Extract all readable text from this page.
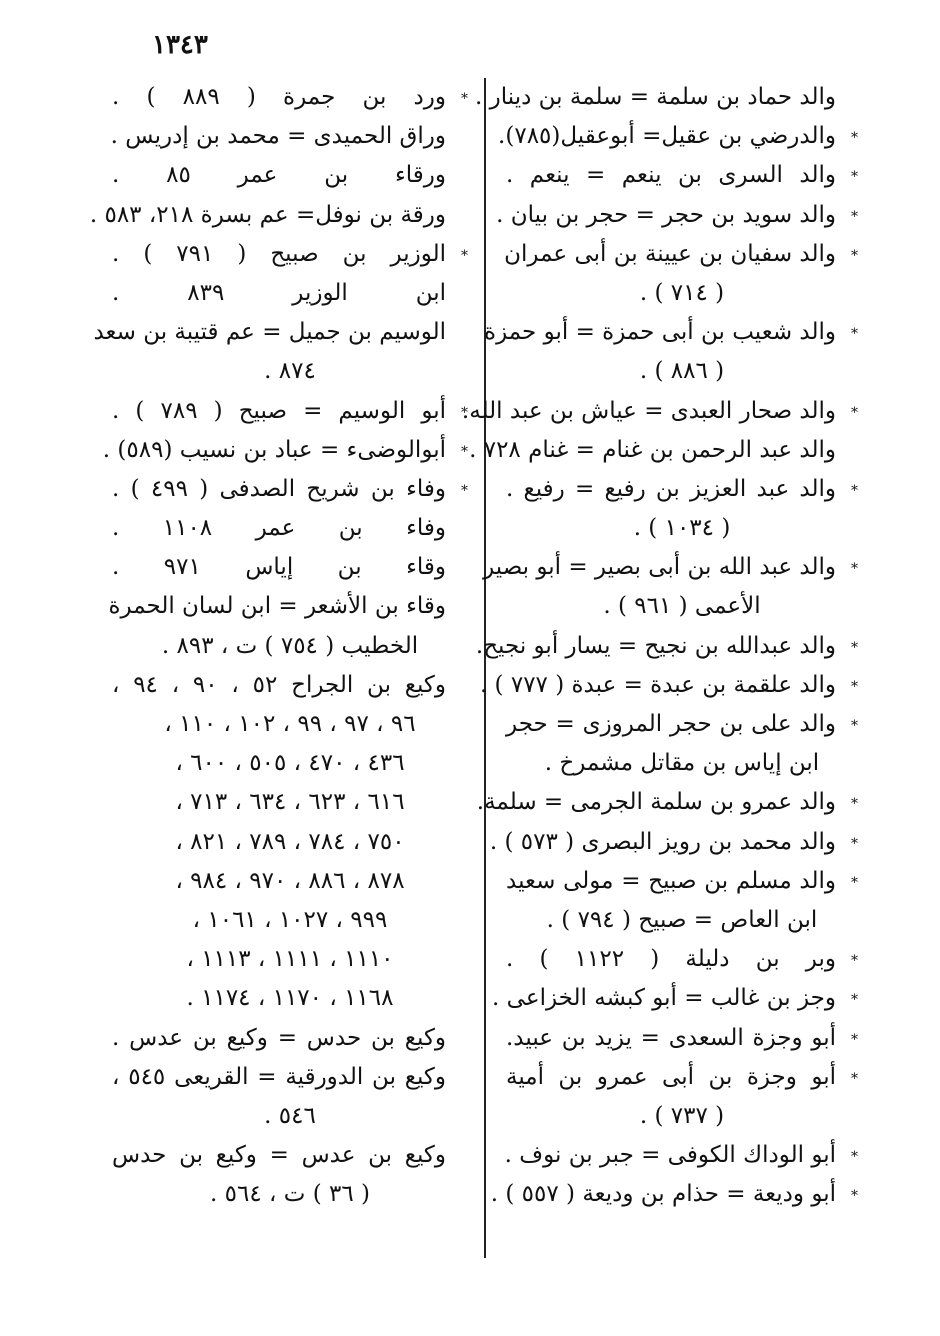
١٣٤٣
والد حماد بن سلمة = سلمة بن دينار .
* والدرضي بن عقيل= أبوعقيل(٧٨٥).
* والد السرى بن ينعم = ينعم .
* والد سويد بن حجر = حجر بن بيان .
* والد سفيان بن عيينة بن أبى عمران
( ٧١٤ ) .
* والد شعيب بن أبى حمزة = أبو حمزة
( ٨٨٦ ) .
* والد صحار العبدى = عياش بن عبد الله.
والد عبد الرحمن بن غنام = غنام ٧٢٨ .
* والد عبد العزيز بن رفيع = رفيع .
( ١٠٣٤ ) .
* والد عبد الله بن أبى بصير = أبو بصير
الأعمى ( ٩٦١ ) .
* والد عبدالله بن نجيح = يسار أبو نجيح.
* والد علقمة بن عبدة = عبدة ( ٧٧٧ ) .
* والد على بن حجر المروزى = حجر
ابن إياس بن مقاتل مشمرخ .
* والد عمرو بن سلمة الجرمى = سلمة.
* والد محمد بن رويز البصرى ( ٥٧٣ ) .
* والد مسلم بن صبيح = مولى سعيد
ابن العاص = صبيح ( ٧٩٤ ) .
* وبر بن دليلة ( ١١٢٢ ) .
* وجز بن غالب = أبو كبشه الخزاعى .
* أبو وجزة السعدى = يزيد بن عبيد.
* أبو وجزة بن أبى عمرو بن أمية
( ٧٣٧ ) .
* أبو الوداك الكوفى = جبر بن نوف .
* أبو وديعة = حذام بن وديعة ( ٥٥٧ ) .
* ورد بن جمرة ( ٨٨٩ ) .
وراق الحميدى = محمد بن إدريس .
ورقاء بن عمر ٨٥ .
ورقة بن نوفل= عم بسرة ٢١٨، ٥٨٣ .
* الوزير بن صبيح ( ٧٩١ ) .
ابن الوزير ٨٣٩ .
الوسيم بن جميل = عم قتيبة بن سعد
٨٧٤ .
* أبو الوسيم = صبيح ( ٧٨٩ ) .
* أبوالوضىء = عباد بن نسيب (٥٨٩) .
* وفاء بن شريح الصدفى ( ٤٩٩ ) .
وفاء بن عمر ١١٠٨ .
وقاء بن إياس ٩٧١ .
وقاء بن الأشعر = ابن لسان الحمرة
الخطيب ( ٧٥٤ ) ت ، ٨٩٣ .
وكيع بن الجراح ٥٢ ، ٩٠ ، ٩٤ ،
٩٦ ، ٩٧ ، ٩٩ ، ١٠٢ ، ١١٠ ،
٤٣٦ ، ٤٧٠ ، ٥٠٥ ، ٦٠٠ ،
٦١٦ ، ٦٢٣ ، ٦٣٤ ، ٧١٣ ،
٧٥٠ ، ٧٨٤ ، ٧٨٩ ، ٨٢١ ،
٨٧٨ ، ٨٨٦ ، ٩٧٠ ، ٩٨٤ ،
٩٩٩ ، ١٠٢٧ ، ١٠٦١ ،
١١١٠ ، ١١١١ ، ١١١٣ ،
١١٦٨ ، ١١٧٠ ، ١١٧٤ .
وكيع بن حدس = وكيع بن عدس .
وكيع بن الدورقية = القريعى ٥٤٥ ،
٥٤٦ .
وكيع بن عدس = وكيع بن حدس
( ٣٦ ) ت ، ٥٦٤ .
